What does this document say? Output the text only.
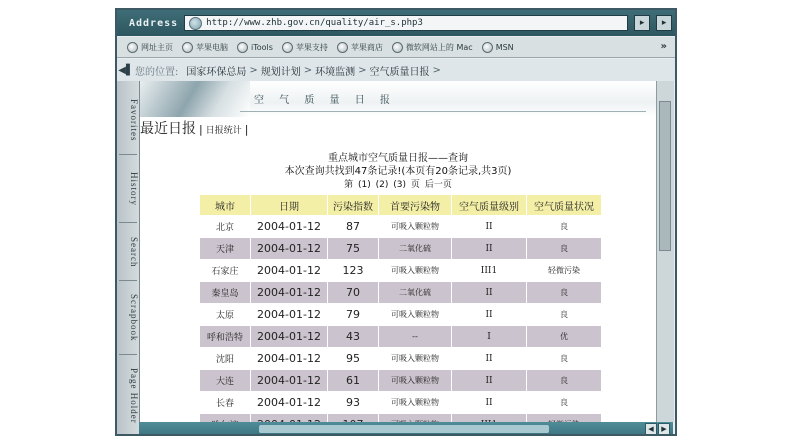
Address	http://www.zhb.gov.cn/quality/air_s.php3	▸	▸
网址主页	苹果电脑	iTools	苹果支持	苹果商店	微软网站上的 Mac	MSN	»
◀▌ 您的位置: 国家环保总局 > 规划计划 > 环境监测 > 空气质量日报 >
Favorites
History
Search
Scrapbook
Page Holder
空 气 质 量 日 报
最近日报 | 日报统计 |
重点城市空气质量日报——查询
本次查询共找到47条记录!(本页有20条记录,共3页)
第 (1) (2) (3) 页 后一页
城市	日期	污染指数	首要污染物	空气质量级别	空气质量状况
北京	2004-01-12	87	可吸入颗粒物	II	良
天津	2004-01-12	75	二氧化硫	II	良
石家庄	2004-01-12	123	可吸入颗粒物	III1	轻微污染
秦皇岛	2004-01-12	70	二氧化硫	II	良
太原	2004-01-12	79	可吸入颗粒物	II	良
呼和浩特	2004-01-12	43	--	I	优
沈阳	2004-01-12	95	可吸入颗粒物	II	良
大连	2004-01-12	61	可吸入颗粒物	II	良
长春	2004-01-12	93	可吸入颗粒物	II	良

◀	▶
